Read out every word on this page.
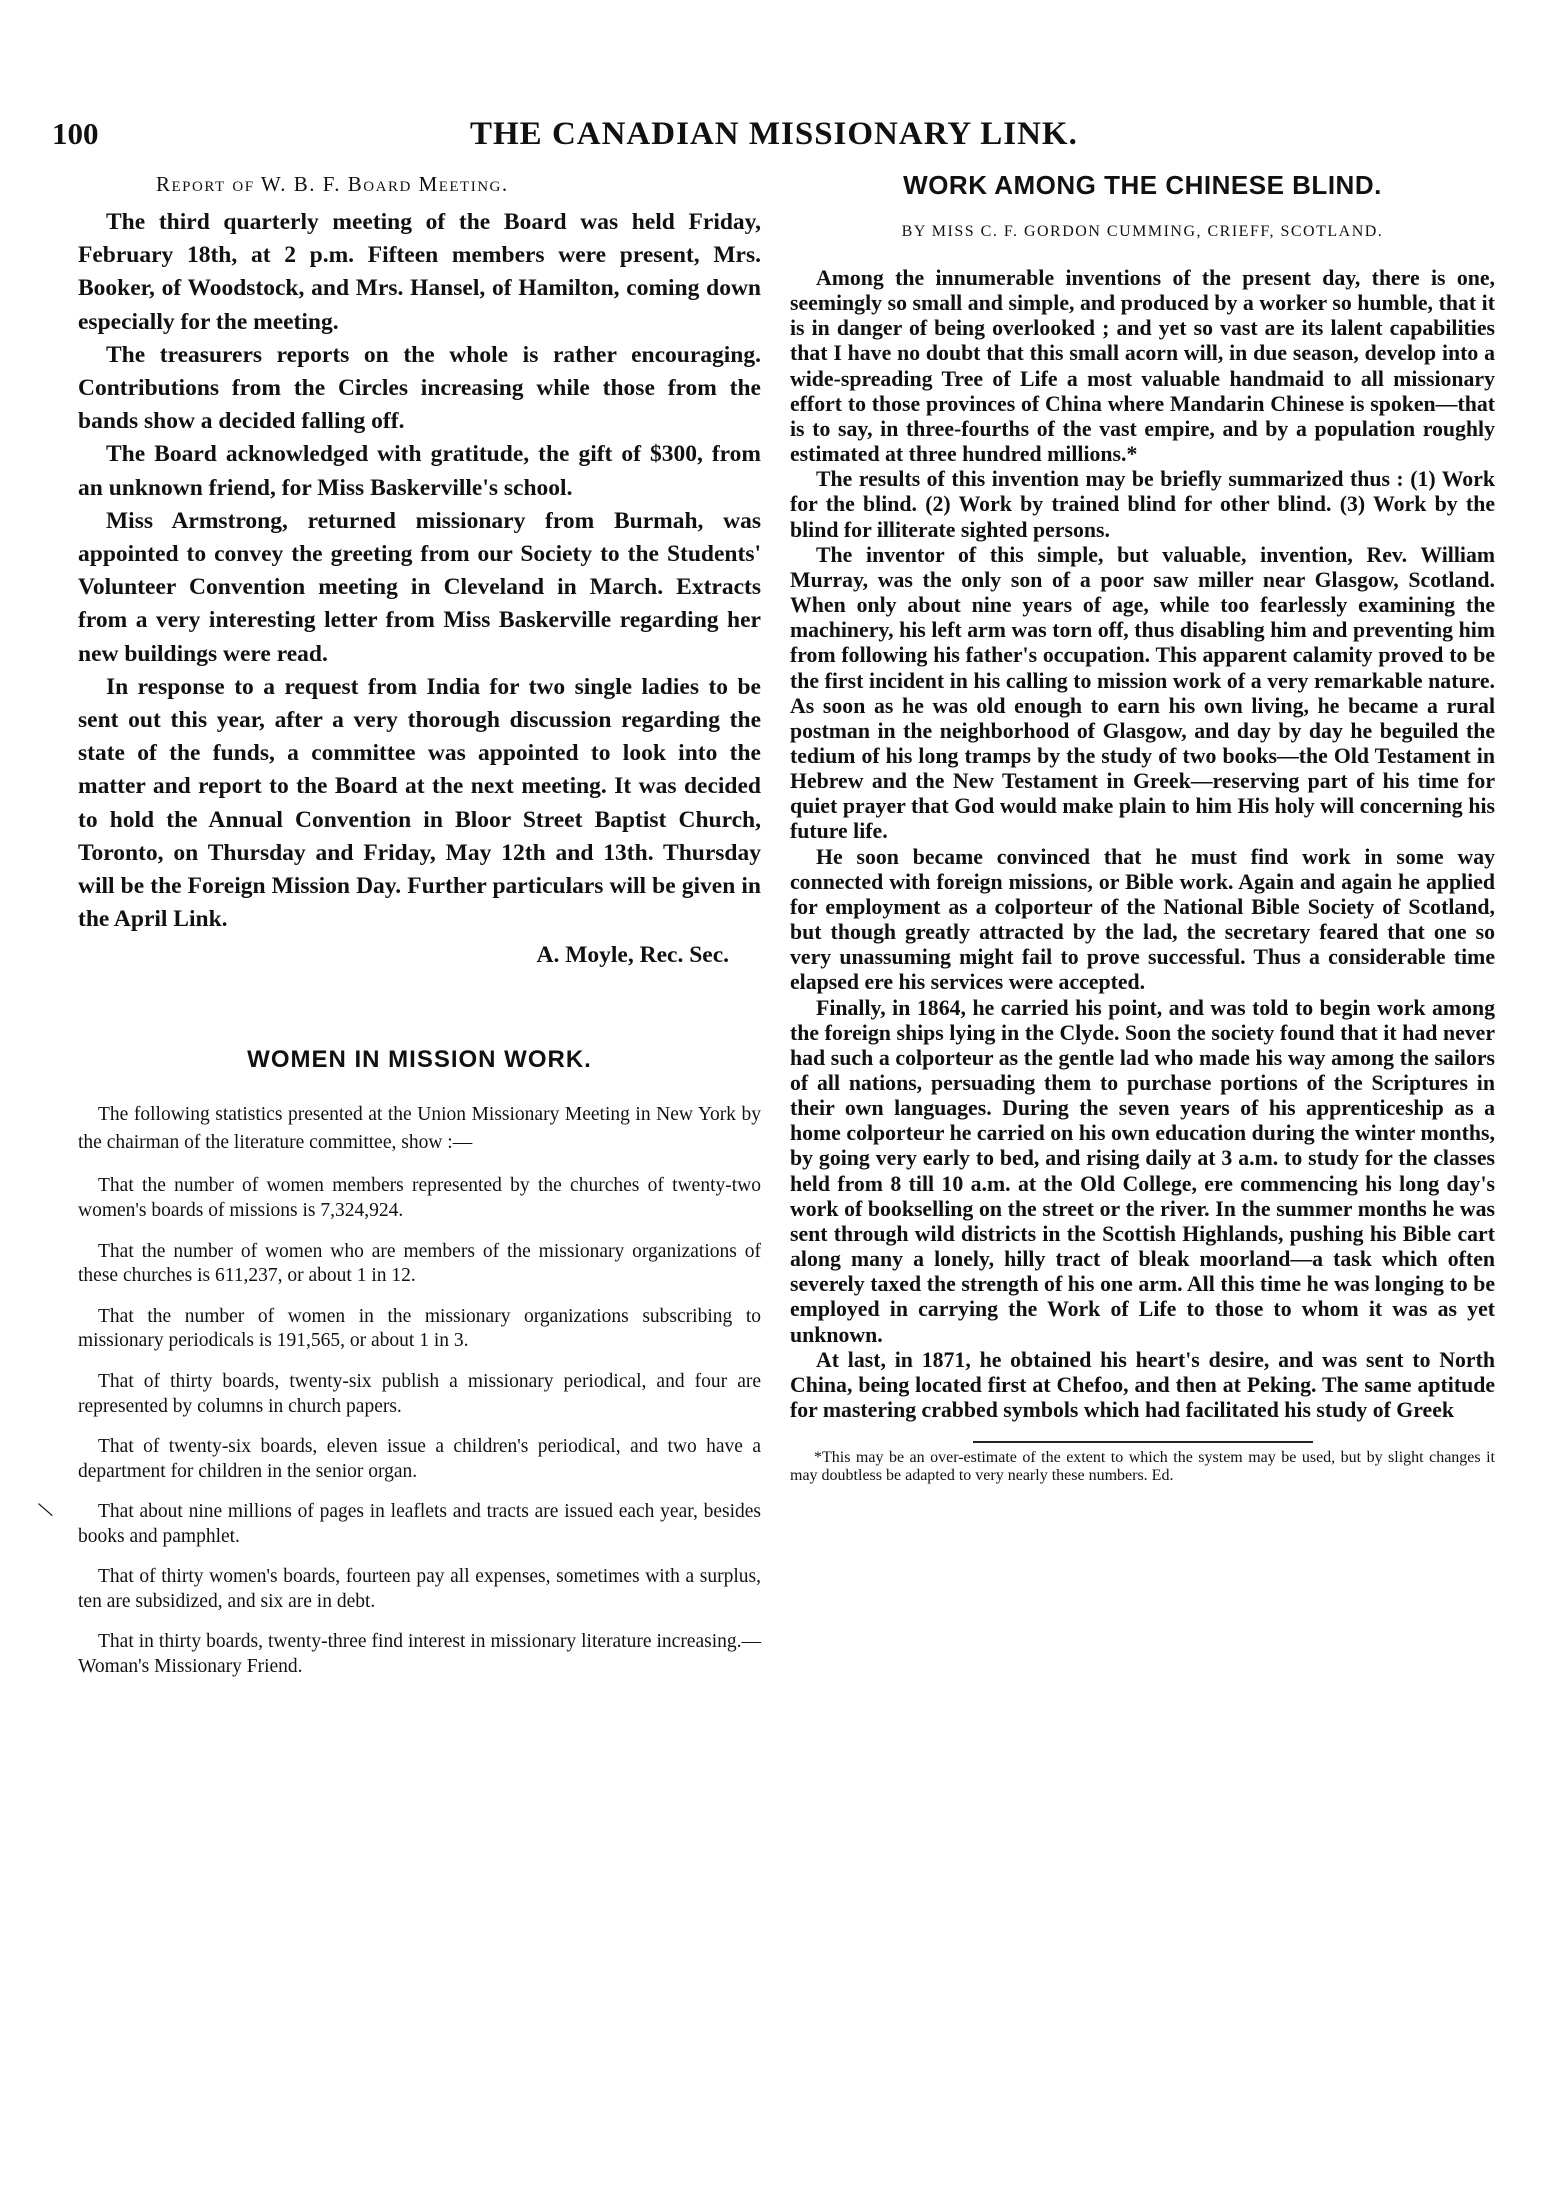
100	THE CANADIAN MISSIONARY LINK.
Report of W. B. F. Board Meeting.

The third quarterly meeting of the Board was held Friday, February 18th, at 2 p.m. Fifteen members were present, Mrs. Booker, of Woodstock, and Mrs. Hansel, of Hamilton, coming down especially for the meeting.

The treasurers reports on the whole is rather encouraging. Contributions from the Circles increasing while those from the bands show a decided falling off.

The Board acknowledged with gratitude, the gift of $300, from an unknown friend, for Miss Baskerville's school.

Miss Armstrong, returned missionary from Burmah, was appointed to convey the greeting from our Society to the Students' Volunteer Convention meeting in Cleveland in March. Extracts from a very interesting letter from Miss Baskerville regarding her new buildings were read.

In response to a request from India for two single ladies to be sent out this year, after a very thorough discussion regarding the state of the funds, a committee was appointed to look into the matter and report to the Board at the next meeting. It was decided to hold the Annual Convention in Bloor Street Baptist Church, Toronto, on Thursday and Friday, May 12th and 13th. Thursday will be the Foreign Mission Day. Further particulars will be given in the April Link.

A. Moyle, Rec. Sec.
WOMEN IN MISSION WORK.

The following statistics presented at the Union Missionary Meeting in New York by the chairman of the literature committee, show :—

That the number of women members represented by the churches of twenty-two women's boards of missions is 7,324,924.

That the number of women who are members of the missionary organizations of these churches is 611,237, or about 1 in 12.

That the number of women in the missionary organizations subscribing to missionary periodicals is 191,565, or about 1 in 3.

That of thirty boards, twenty-six publish a missionary periodical, and four are represented by columns in church papers.

That of twenty-six boards, eleven issue a children's periodical, and two have a department for children in the senior organ.

That about nine millions of pages in leaflets and tracts are issued each year, besides books and pamphlet.

That of thirty women's boards, fourteen pay all expenses, sometimes with a surplus, ten are subsidized, and six are in debt.

That in thirty boards, twenty-three find interest in missionary literature increasing.—Woman's Missionary Friend.

\
WORK AMONG THE CHINESE BLIND.
BY MISS C. F. GORDON CUMMING, CRIEFF, SCOTLAND.

Among the innumerable inventions of the present day, there is one, seemingly so small and simple, and produced by a worker so humble, that it is in danger of being overlooked ; and yet so vast are its lalent capabilities that I have no doubt that this small acorn will, in due season, develop into a wide-spreading Tree of Life a most valuable handmaid to all missionary effort to those provinces of China where Mandarin Chinese is spoken—that is to say, in three-fourths of the vast empire, and by a population roughly estimated at three hundred millions.*

The results of this invention may be briefly summarized thus : (1) Work for the blind. (2) Work by trained blind for other blind. (3) Work by the blind for illiterate sighted persons.

The inventor of this simple, but valuable, invention, Rev. William Murray, was the only son of a poor saw miller near Glasgow, Scotland. When only about nine years of age, while too fearlessly examining the machinery, his left arm was torn off, thus disabling him and preventing him from following his father's occupation. This apparent calamity proved to be the first incident in his calling to mission work of a very remarkable nature. As soon as he was old enough to earn his own living, he became a rural postman in the neighborhood of Glasgow, and day by day he beguiled the tedium of his long tramps by the study of two books—the Old Testament in Hebrew and the New Testament in Greek—reserving part of his time for quiet prayer that God would make plain to him His holy will concerning his future life.

He soon became convinced that he must find work in some way connected with foreign missions, or Bible work. Again and again he applied for employment as a colporteur of the National Bible Society of Scotland, but though greatly attracted by the lad, the secretary feared that one so very unassuming might fail to prove successful. Thus a considerable time elapsed ere his services were accepted.

Finally, in 1864, he carried his point, and was told to begin work among the foreign ships lying in the Clyde. Soon the society found that it had never had such a colporteur as the gentle lad who made his way among the sailors of all nations, persuading them to purchase portions of the Scriptures in their own languages. During the seven years of his apprenticeship as a home colporteur he carried on his own education during the winter months, by going very early to bed, and rising daily at 3 a.m. to study for the classes held from 8 till 10 a.m. at the Old College, ere commencing his long day's work of bookselling on the street or the river. In the summer months he was sent through wild districts in the Scottish Highlands, pushing his Bible cart along many a lonely, hilly tract of bleak moorland—a task which often severely taxed the strength of his one arm. All this time he was longing to be employed in carrying the Work of Life to those to whom it was as yet unknown.

At last, in 1871, he obtained his heart's desire, and was sent to North China, being located first at Chefoo, and then at Peking. The same aptitude for mastering crabbed symbols which had facilitated his study of Greek

*This may be an over-estimate of the extent to which the system may be used, but by slight changes it may doubtless be adapted to very nearly these numbers. Ed.
